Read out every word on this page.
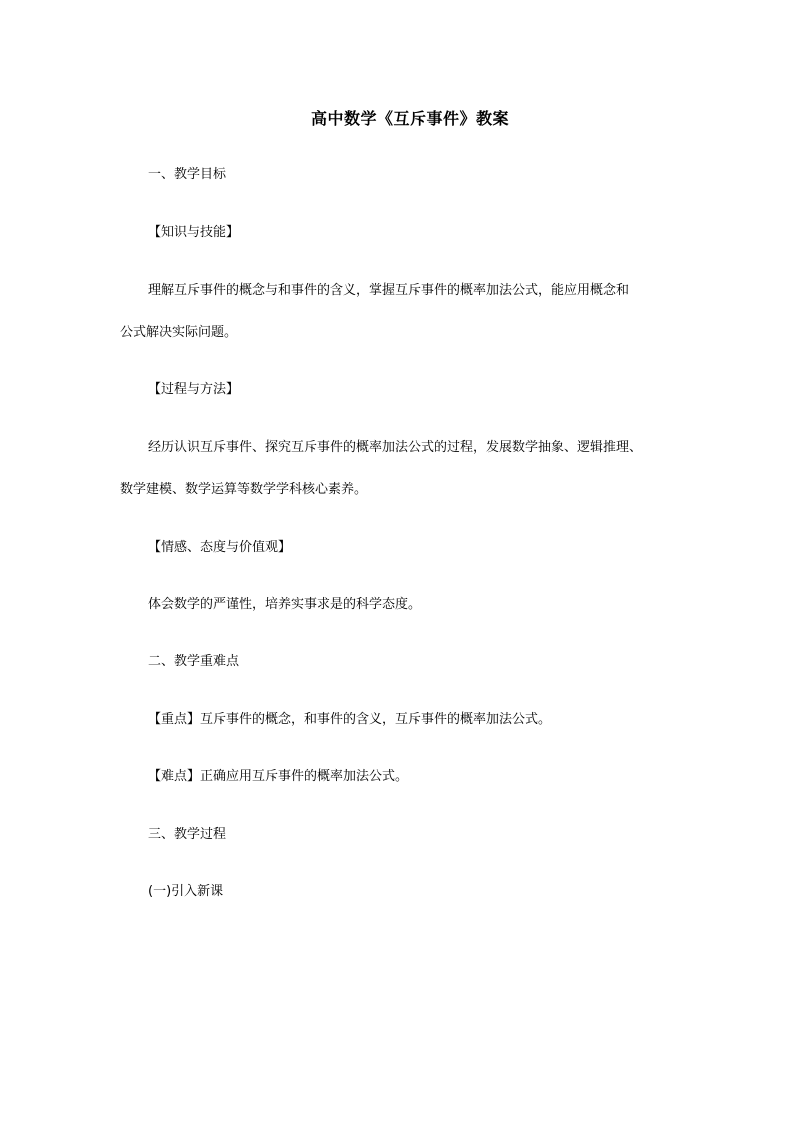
高中数学《互斥事件》教案
一、教学目标
【知识与技能】
理解互斥事件的概念与和事件的含义，掌握互斥事件的概率加法公式，能应用概念和
公式解决实际问题。
【过程与方法】
经历认识互斥事件、探究互斥事件的概率加法公式的过程，发展数学抽象、逻辑推理、
数学建模、数学运算等数学学科核心素养。
【情感、态度与价值观】
体会数学的严谨性，培养实事求是的科学态度。
二、教学重难点
【重点】互斥事件的概念，和事件的含义，互斥事件的概率加法公式。
【难点】正确应用互斥事件的概率加法公式。
三、教学过程
(一)引入新课
